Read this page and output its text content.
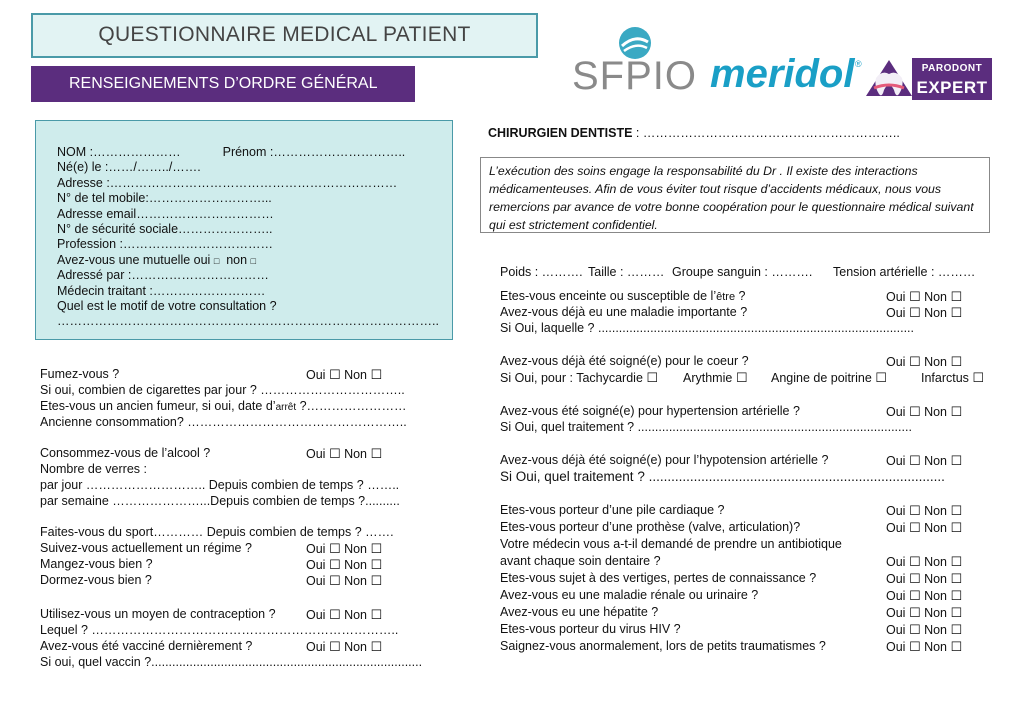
QUESTIONNAIRE MEDICAL PATIENT
RENSEIGNEMENTS D’ORDRE GÉNÉRAL	SFPIO meridol ®	PARODONT
EXPERT
NOM :…………………	Prénom :…………………………..
Né(e) le :……/……../…….
Adresse :……………………………………………………………
N° de tel mobile:………………………...
Adresse email……………………………
N° de sécurité sociale…………………..
Profession :………………………………
Avez-vous une mutuelle oui □ non □
Adressé par :……………………………
Médecin traitant :………………………
Quel est le motif de votre consultation ?
………………………………………………………………………………..
Fumez-vous ?	Oui ☐ Non ☐
Si oui, combien de cigarettes par jour ? ……………………………..
Etes-vous un ancien fumeur, si oui, date d’arrêt ?……………………
Ancienne consommation? ……………………………………………..
Consommez-vous de l’alcool ?	Oui ☐ Non ☐
Nombre de verres :
par jour ……………………….. Depuis combien de temps ? ……..
par semaine …………………...Depuis combien de temps ?..........
Faites-vous du sport………… Depuis combien de temps ? …….
Suivez-vous actuellement un régime ?	Oui ☐ Non ☐
Mangez-vous bien ?	Oui ☐ Non ☐
Dormez-vous bien ?	Oui ☐ Non ☐
Utilisez-vous un moyen de contraception ? Oui ☐ Non ☐
Lequel ? ………………………………………………………………..
Avez-vous été vacciné dernièrement ?	Oui ☐ Non ☐
Si oui, quel vaccin ?..............................................................................
CHIRURGIEN DENTISTE : ……………………………………………………..
L’exécution des soins engage la responsabilité du Dr . Il existe des interactions médicamenteuses. Afin de vous éviter tout risque d’accidents médicaux, nous vous remercions par avance de votre bonne coopération pour le questionnaire médical suivant qui est strictement confidentiel.
Poids : ………. Taille : ……… Groupe sanguin : ………. Tension artérielle : ………
Etes-vous enceinte ou susceptible de l’être ?	Oui ☐ Non ☐
Avez-vous déjà eu une maladie importante ?	Oui ☐ Non ☐
Si Oui, laquelle ? ...........................................................................................
Avez-vous déjà été soigné(e) pour le coeur ?	Oui ☐ Non ☐
Si Oui, pour : Tachycardie ☐ Arythmie ☐ Angine de poitrine ☐	Infarctus ☐
Avez-vous été soigné(e) pour hypertension artérielle ?	Oui ☐ Non ☐
Si Oui, quel traitement ? ...............................................................................
Avez-vous déjà été soigné(e) pour l’hypotension artérielle ?	Oui ☐ Non ☐
Si Oui, quel traitement ? ...............................................................................
Etes-vous porteur d’une pile cardiaque ?	Oui ☐ Non ☐
Etes-vous porteur d’une prothèse (valve, articulation)?	Oui ☐ Non ☐
Votre médecin vous a-t-il demandé de prendre un antibiotique
avant chaque soin dentaire ?	Oui ☐ Non ☐
Etes-vous sujet à des vertiges, pertes de connaissance ?	Oui ☐ Non ☐
Avez-vous eu une maladie rénale ou urinaire ?	Oui ☐ Non ☐
Avez-vous eu une hépatite ?	Oui ☐ Non ☐
Etes-vous porteur du virus HIV ?	Oui ☐ Non ☐
Saignez-vous anormalement, lors de petits traumatismes ?	Oui ☐ Non ☐
